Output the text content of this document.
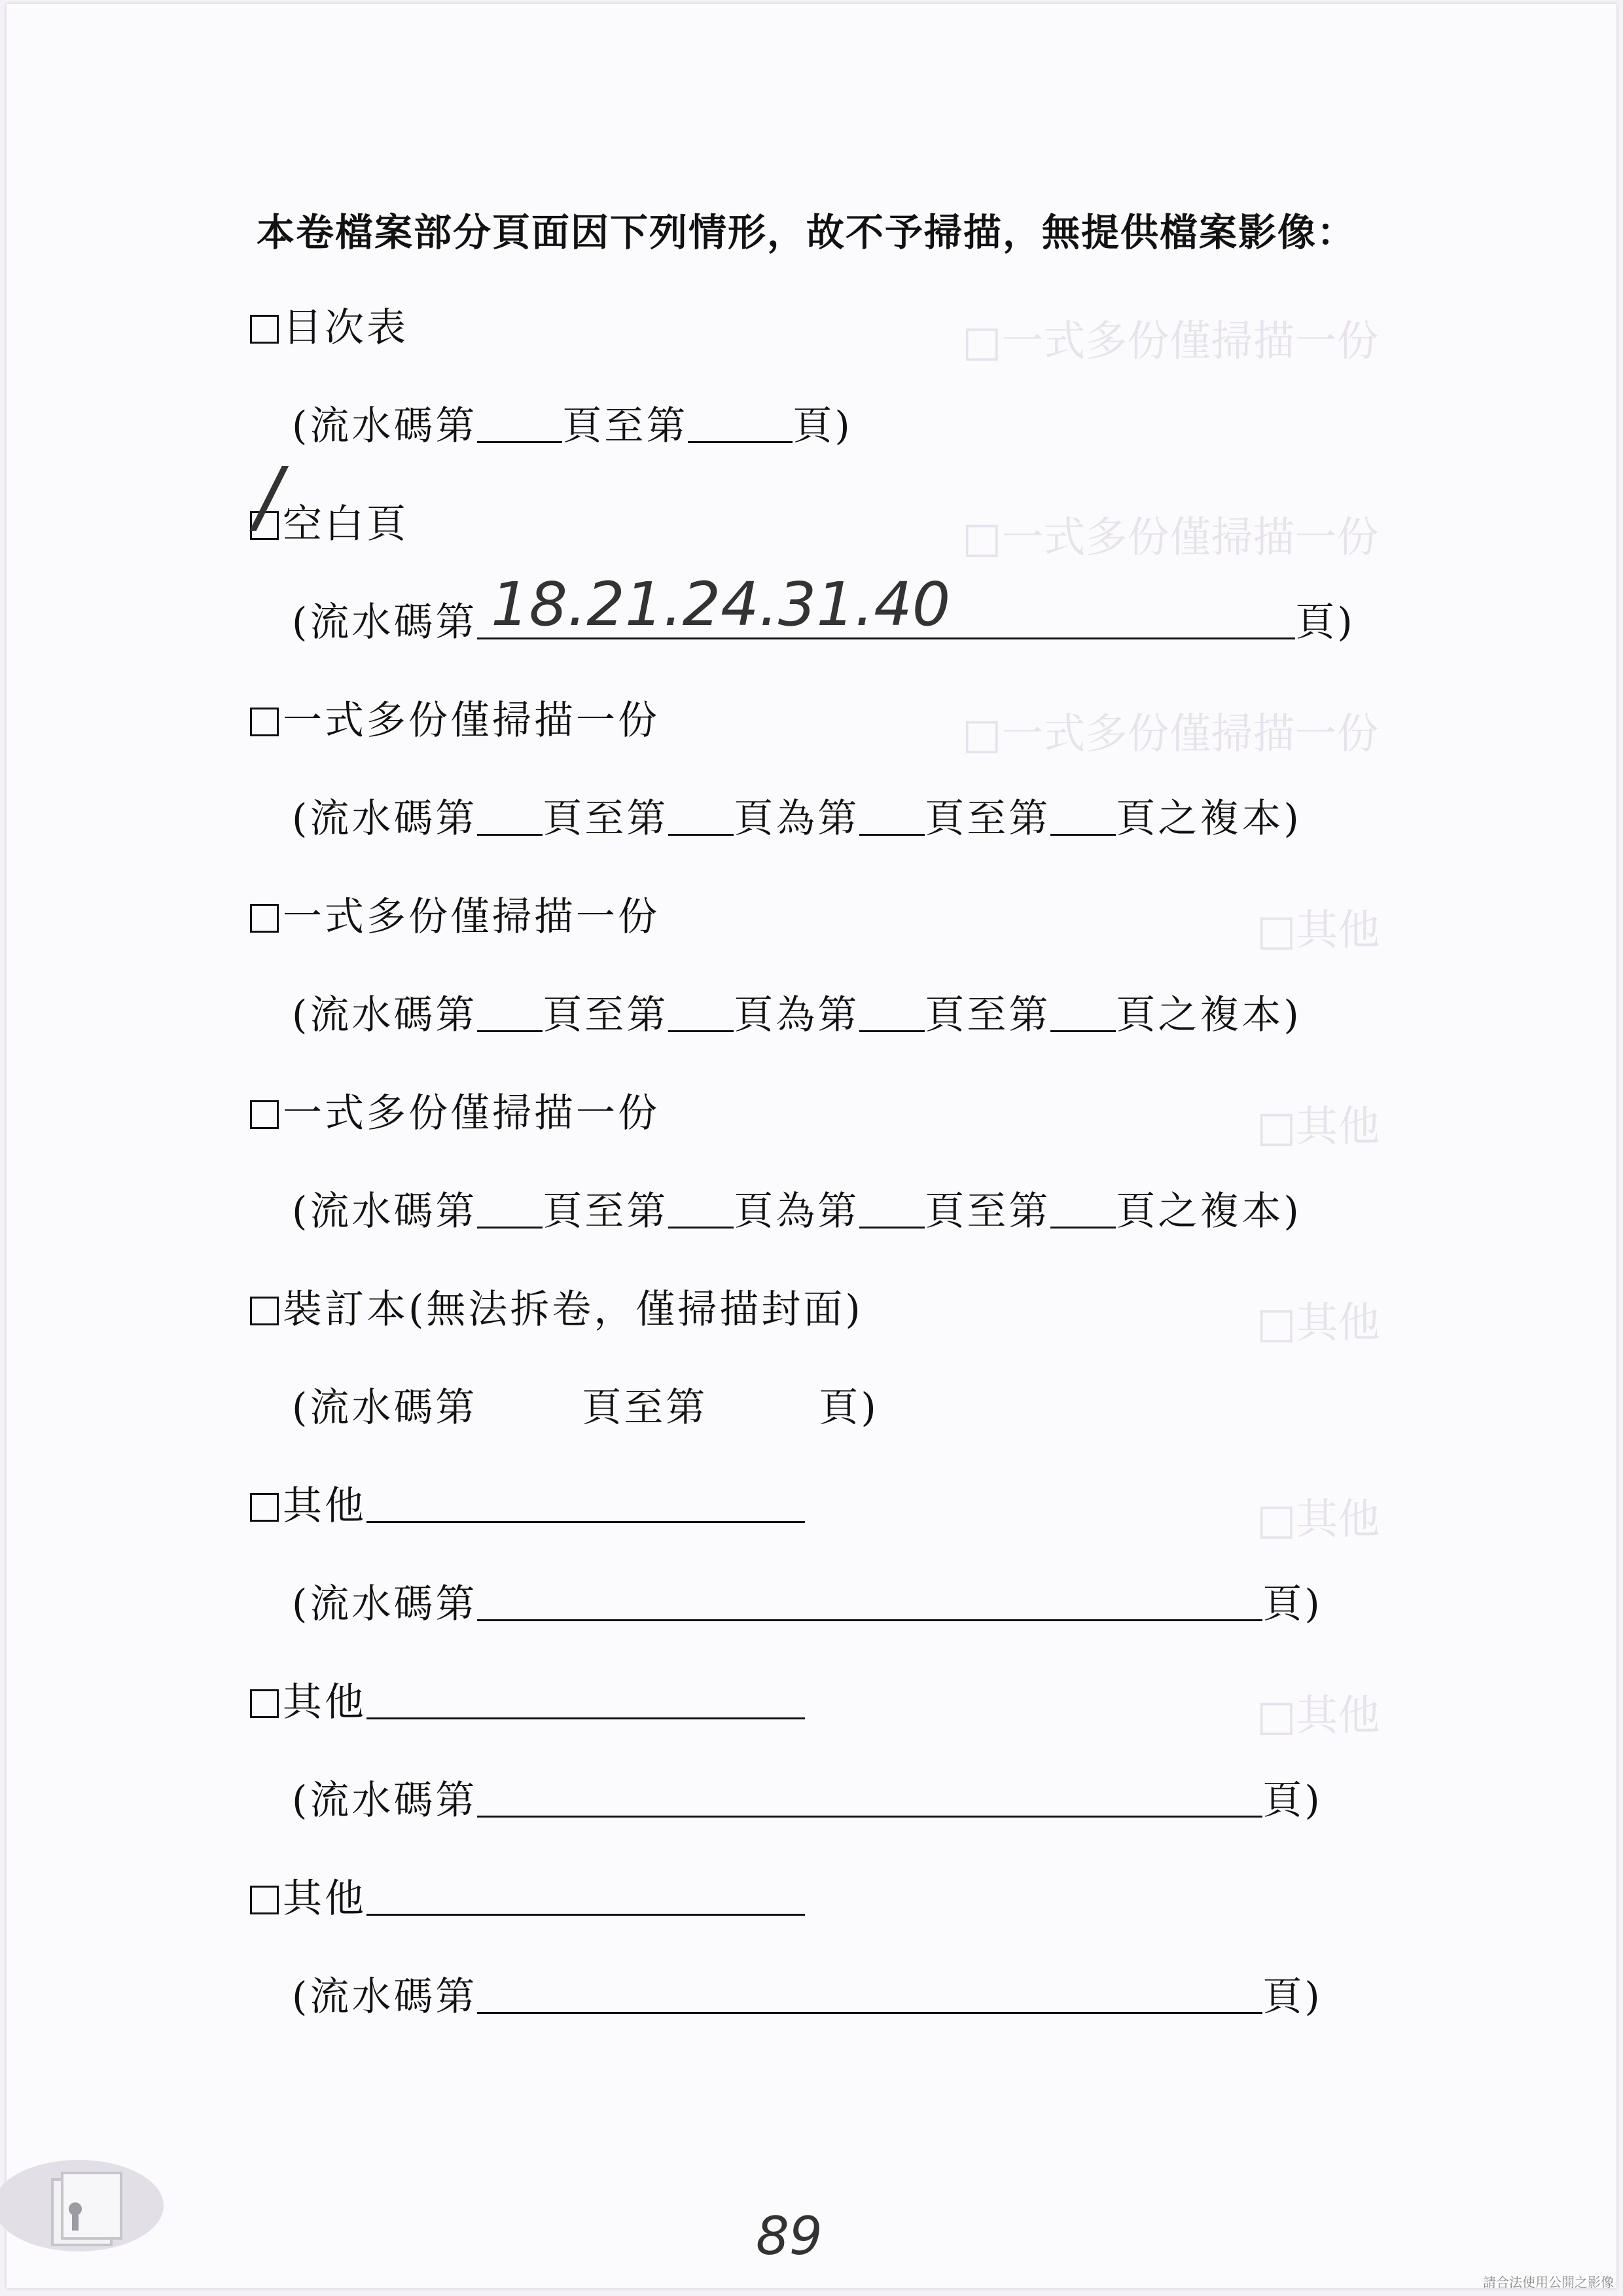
□一式多份僅掃描一份
□一式多份僅掃描一份
□一式多份僅掃描一份
□其他
□其他
□其他
□其他
□其他
本卷檔案部分頁面因下列情形，故不予掃描，無提供檔案影像：
目次表
(流水碼第 頁至第	頁)
空白頁
/
(流水碼第	頁)
18.21.24.31.40
一式多份僅掃描一份
(流水碼第 頁至第 頁為第 頁至第 頁之複本)
一式多份僅掃描一份
(流水碼第 頁至第 頁為第 頁至第 頁之複本)
一式多份僅掃描一份
(流水碼第 頁至第 頁為第 頁至第 頁之複本)
裝訂本(無法拆卷，僅掃描封面)
(流水碼第	頁至第	頁)
其他
(流水碼第	頁)
其他
(流水碼第	頁)
其他
(流水碼第	頁)
89
請合法使用公開之影像
